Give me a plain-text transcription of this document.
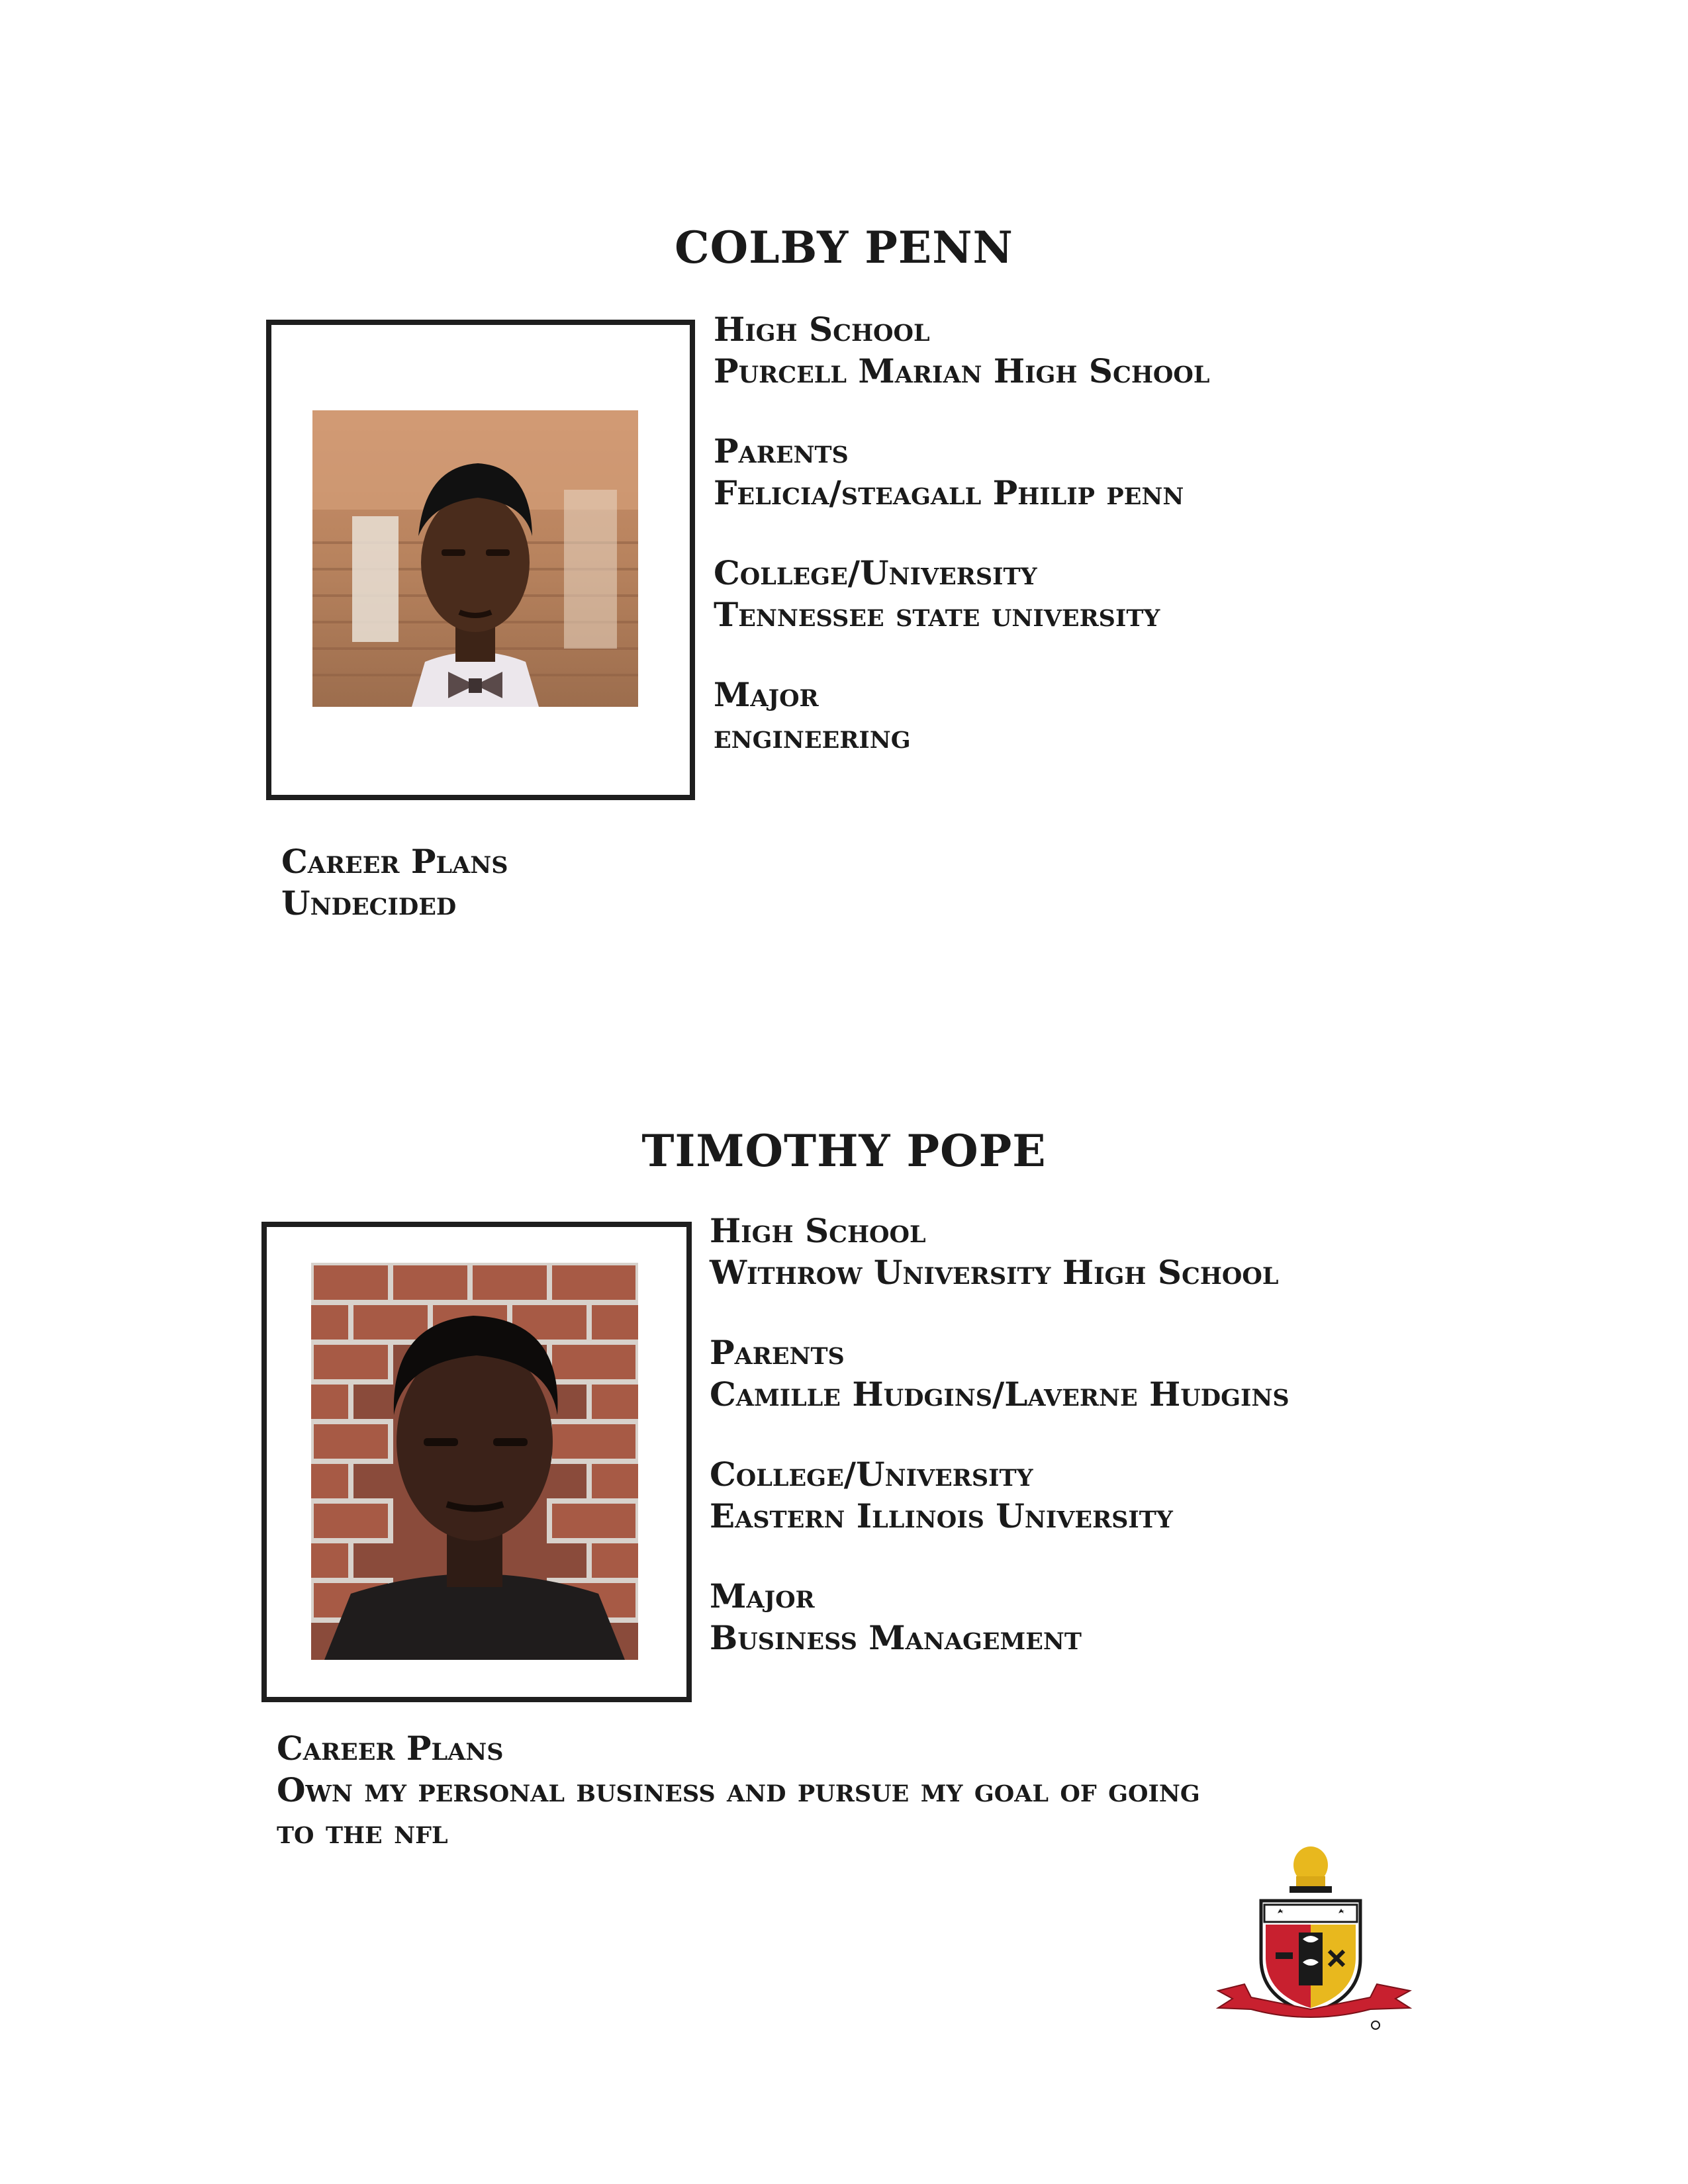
COLBY PENN
High School
Purcell Marian High School
Parents
Felicia/steagall Philip penn
College/University
Tennessee state university
Major
engineering
Career Plans
Undecided
TIMOTHY POPE
High School
Withrow University High School
Parents
Camille Hudgins/Laverne Hudgins
College/University
Eastern Illinois University
Major
Business Management
Career Plans
Own my personal business and pursue my goal of going
to the nfl
